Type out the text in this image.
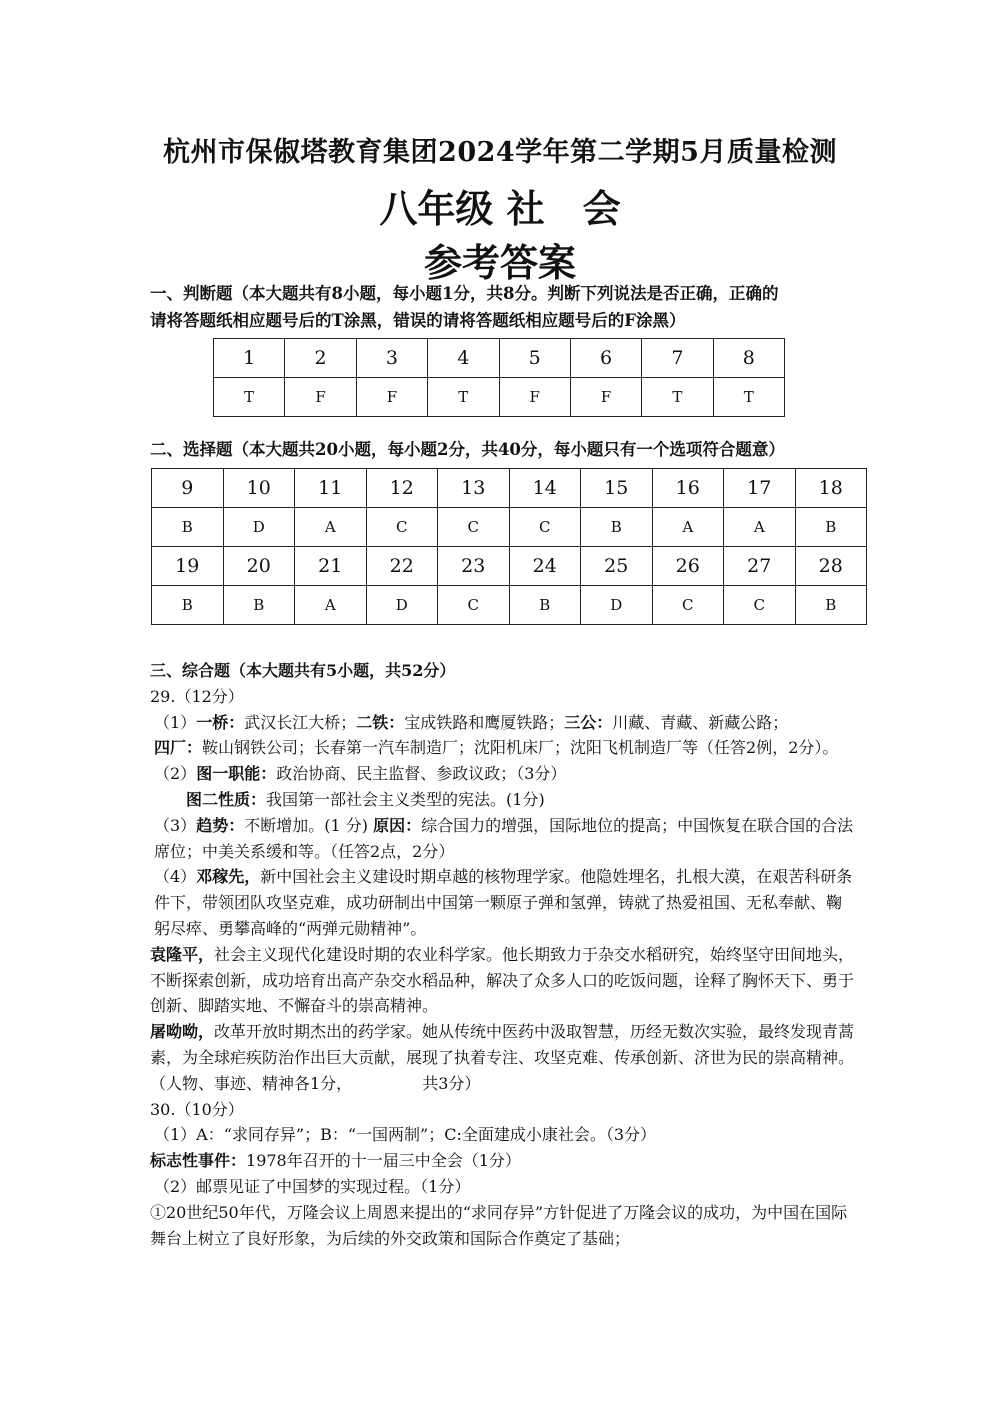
杭州市保俶塔教育集团2024学年第二学期5月质量检测
八年级 社　会
参考答案
一、判断题（本大题共有8小题，每小题1分，共8分。判断下列说法是否正确，正确的
请将答题纸相应题号后的T涂黑，错误的请将答题纸相应题号后的F涂黑）
1	2	3	4	5	6	7	8
T	F	F	T	F	F	T	T
二、选择题（本大题共20小题，每小题2分，共40分，每小题只有一个选项符合题意）
9	10	11	12	13	14	15	16	17	18
B	D	A	C	C	C	B	A	A	B
19	20	21	22	23	24	25	26	27	28
B	B	A	D	C	B	D	C	C	B

三、综合题（本大题共有5小题，共52分）

29.（12分）

（1）一桥：武汉长江大桥；二铁：宝成铁路和鹰厦铁路；三公：川藏、青藏、新藏公路；
四厂：鞍山钢铁公司；长春第一汽车制造厂；沈阳机床厂；沈阳飞机制造厂等（任答2例，2分）。

（2）图一职能：政治协商、民主监督、参政议政；（3分）

图二性质：我国第一部社会主义类型的宪法。(1分)

（3）趋势：不断增加。(1 分) 原因：综合国力的增强，国际地位的提高；中国恢复在联合国的合法席位；中美关系缓和等。（任答2点，2分）

（4）邓稼先，新中国社会主义建设时期卓越的核物理学家。他隐姓埋名，扎根大漠，在艰苦科研条件下，带领团队攻坚克难，成功研制出中国第一颗原子弹和氢弹，铸就了热爱祖国、无私奉献、鞠躬尽瘁、勇攀高峰的“两弹元勋精神”。

袁隆平，社会主义现代化建设时期的农业科学家。他长期致力于杂交水稻研究，始终坚守田间地头，不断探索创新，成功培育出高产杂交水稻品种，解决了众多人口的吃饭问题，诠释了胸怀天下、勇于创新、脚踏实地、不懈奋斗的崇高精神。

屠呦呦，改革开放时期杰出的药学家。她从传统中医药中汲取智慧，历经无数次实验，最终发现青蒿素，为全球疟疾防治作出巨大贡献，展现了执着专注、攻坚克难、传承创新、济世为民的崇高精神。（人物、事迹、精神各1分，	共3分）

30.（10分）

（1）A：“求同存异”；B：“一国两制”；C:全面建成小康社会。（3分）

标志性事件：1978年召开的十一届三中全会（1分）

（2）邮票见证了中国梦的实现过程。（1分）

①20世纪50年代，万隆会议上周恩来提出的“求同存异”方针促进了万隆会议的成功，为中国在国际舞台上树立了良好形象，为后续的外交政策和国际合作奠定了基础；
